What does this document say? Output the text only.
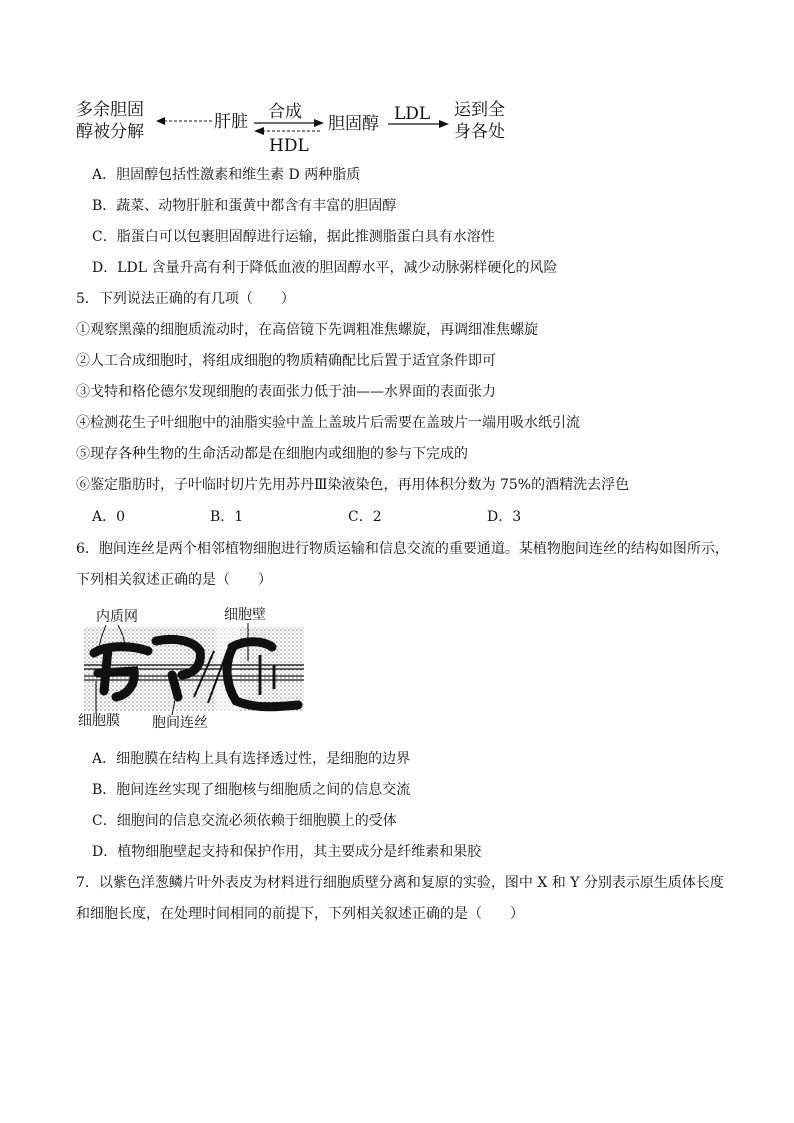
多余胆固
醇被分解	肝脏 合成
HDL
胆固醇 LDL 运到全
身各处
A．胆固醇包括性激素和维生素 D 两种脂质
B．蔬菜、动物肝脏和蛋黄中都含有丰富的胆固醇
C．脂蛋白可以包裹胆固醇进行运输，据此推测脂蛋白具有水溶性
D．LDL 含量升高有利于降低血液的胆固醇水平，减少动脉粥样硬化的风险
5．下列说法正确的有几项（　　）
①观察黑藻的细胞质流动时，在高倍镜下先调粗准焦螺旋，再调细准焦螺旋
②人工合成细胞时，将组成细胞的物质精确配比后置于适宜条件即可
③戈特和格伦德尔发现细胞的表面张力低于油——水界面的表面张力
④检测花生子叶细胞中的油脂实验中盖上盖玻片后需要在盖玻片一端用吸水纸引流
⑤现存各种生物的生命活动都是在细胞内或细胞的参与下完成的
⑥鉴定脂肪时，子叶临时切片先用苏丹Ⅲ染液染色，再用体积分数为 75%的酒精洗去浮色
A．0	B．1	C．2	D．3
6．胞间连丝是两个相邻植物细胞进行物质运输和信息交流的重要通道。某植物胞间连丝的结构如图所示，
下列相关叙述正确的是（　　）
内质网	细胞壁
细胞膜 胞间连丝
A．细胞膜在结构上具有选择透过性，是细胞的边界
B．胞间连丝实现了细胞核与细胞质之间的信息交流
C．细胞间的信息交流必须依赖于细胞膜上的受体
D．植物细胞壁起支持和保护作用，其主要成分是纤维素和果胶
7．以紫色洋葱鳞片叶外表皮为材料进行细胞质壁分离和复原的实验，图中 X 和 Y 分别表示原生质体长度
和细胞长度，在处理时间相同的前提下，下列相关叙述正确的是（　　）
